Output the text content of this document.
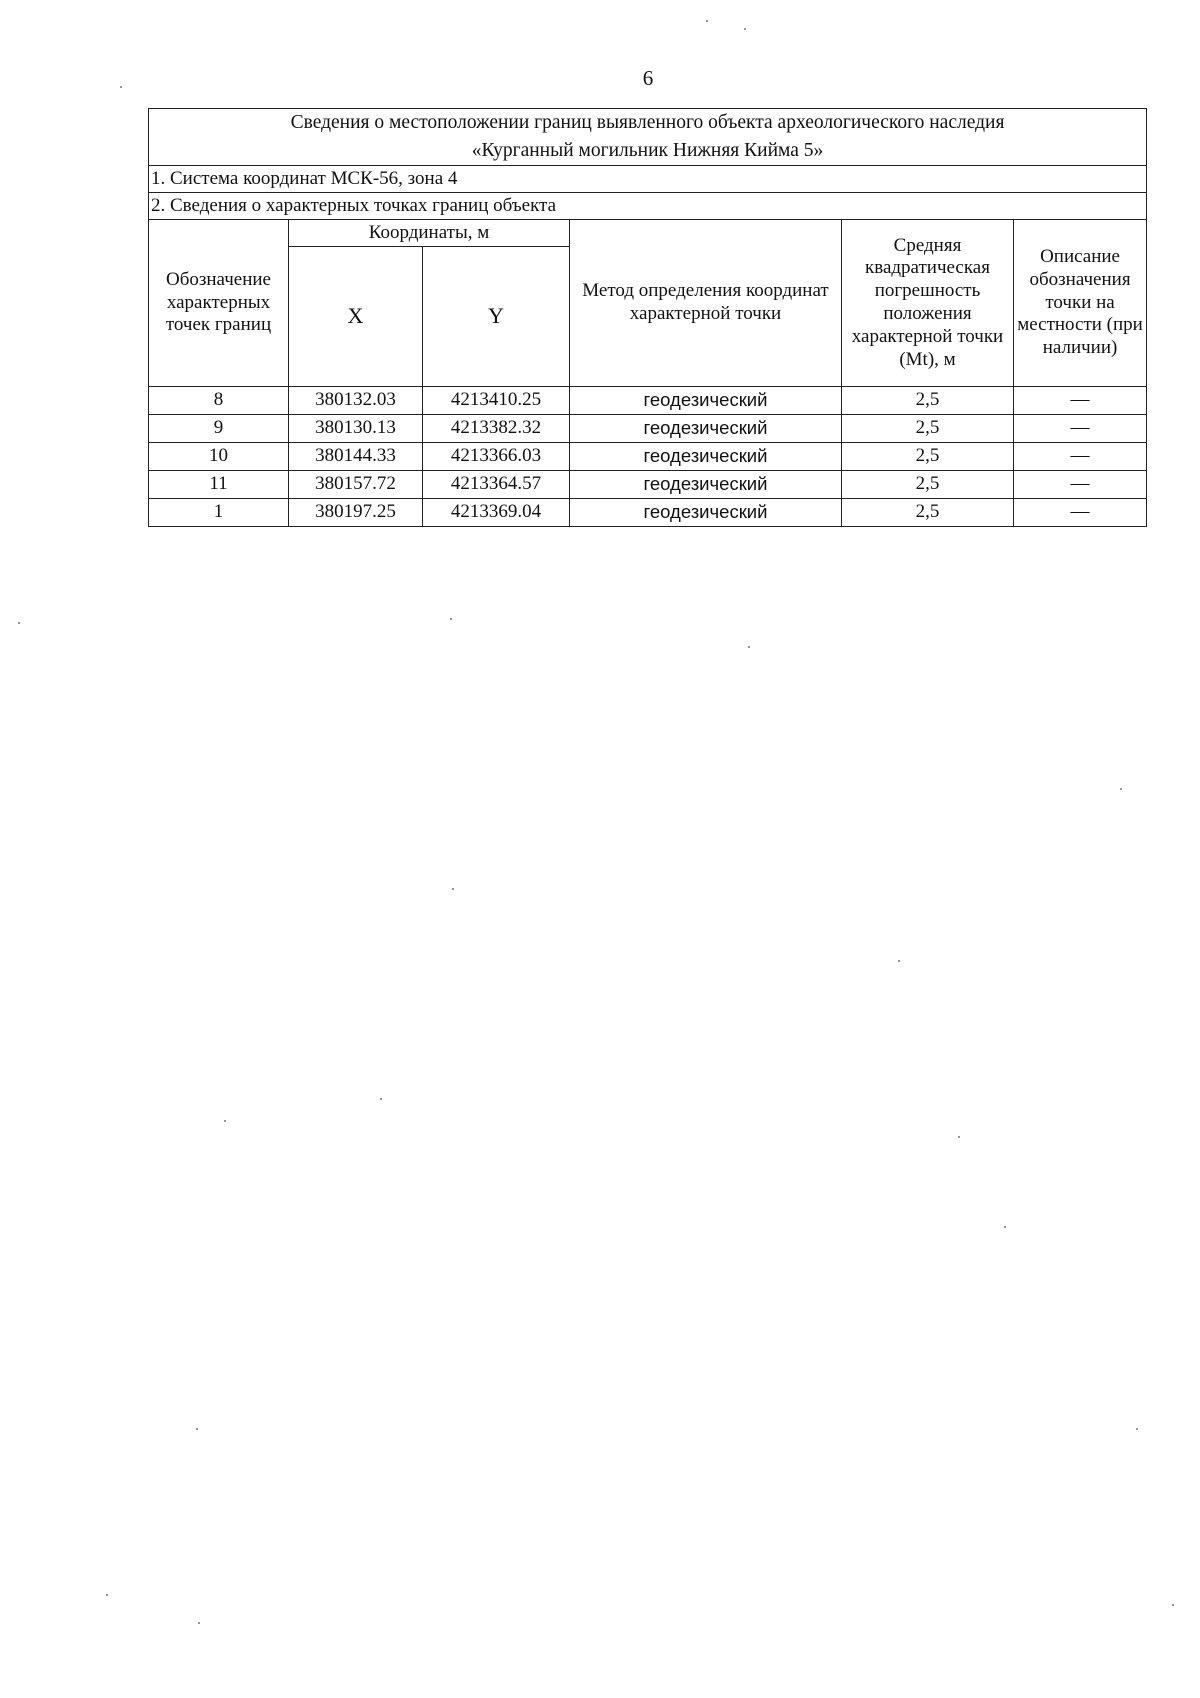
6
Сведения о местоположении границ выявленного объекта археологического наследия
«Курганный могильник Нижняя Кийма 5»					
1. Система координат МСК-56, зона 4					
2. Сведения о характерных точках границ объекта					
Обозначение характерных точек границ	Координаты, м		Метод определения координат характерной точки	Средняя квадратическая погрешность положения характерной точки (Mt), м	Описание обозначения точки на местности (при наличии)
	X	Y			
8	380132.03	4213410.25	геодезический	2,5	—
9	380130.13	4213382.32	геодезический	2,5	—
10	380144.33	4213366.03	геодезический	2,5	—
11	380157.72	4213364.57	геодезический	2,5	—
1	380197.25	4213369.04	геодезический	2,5	—
